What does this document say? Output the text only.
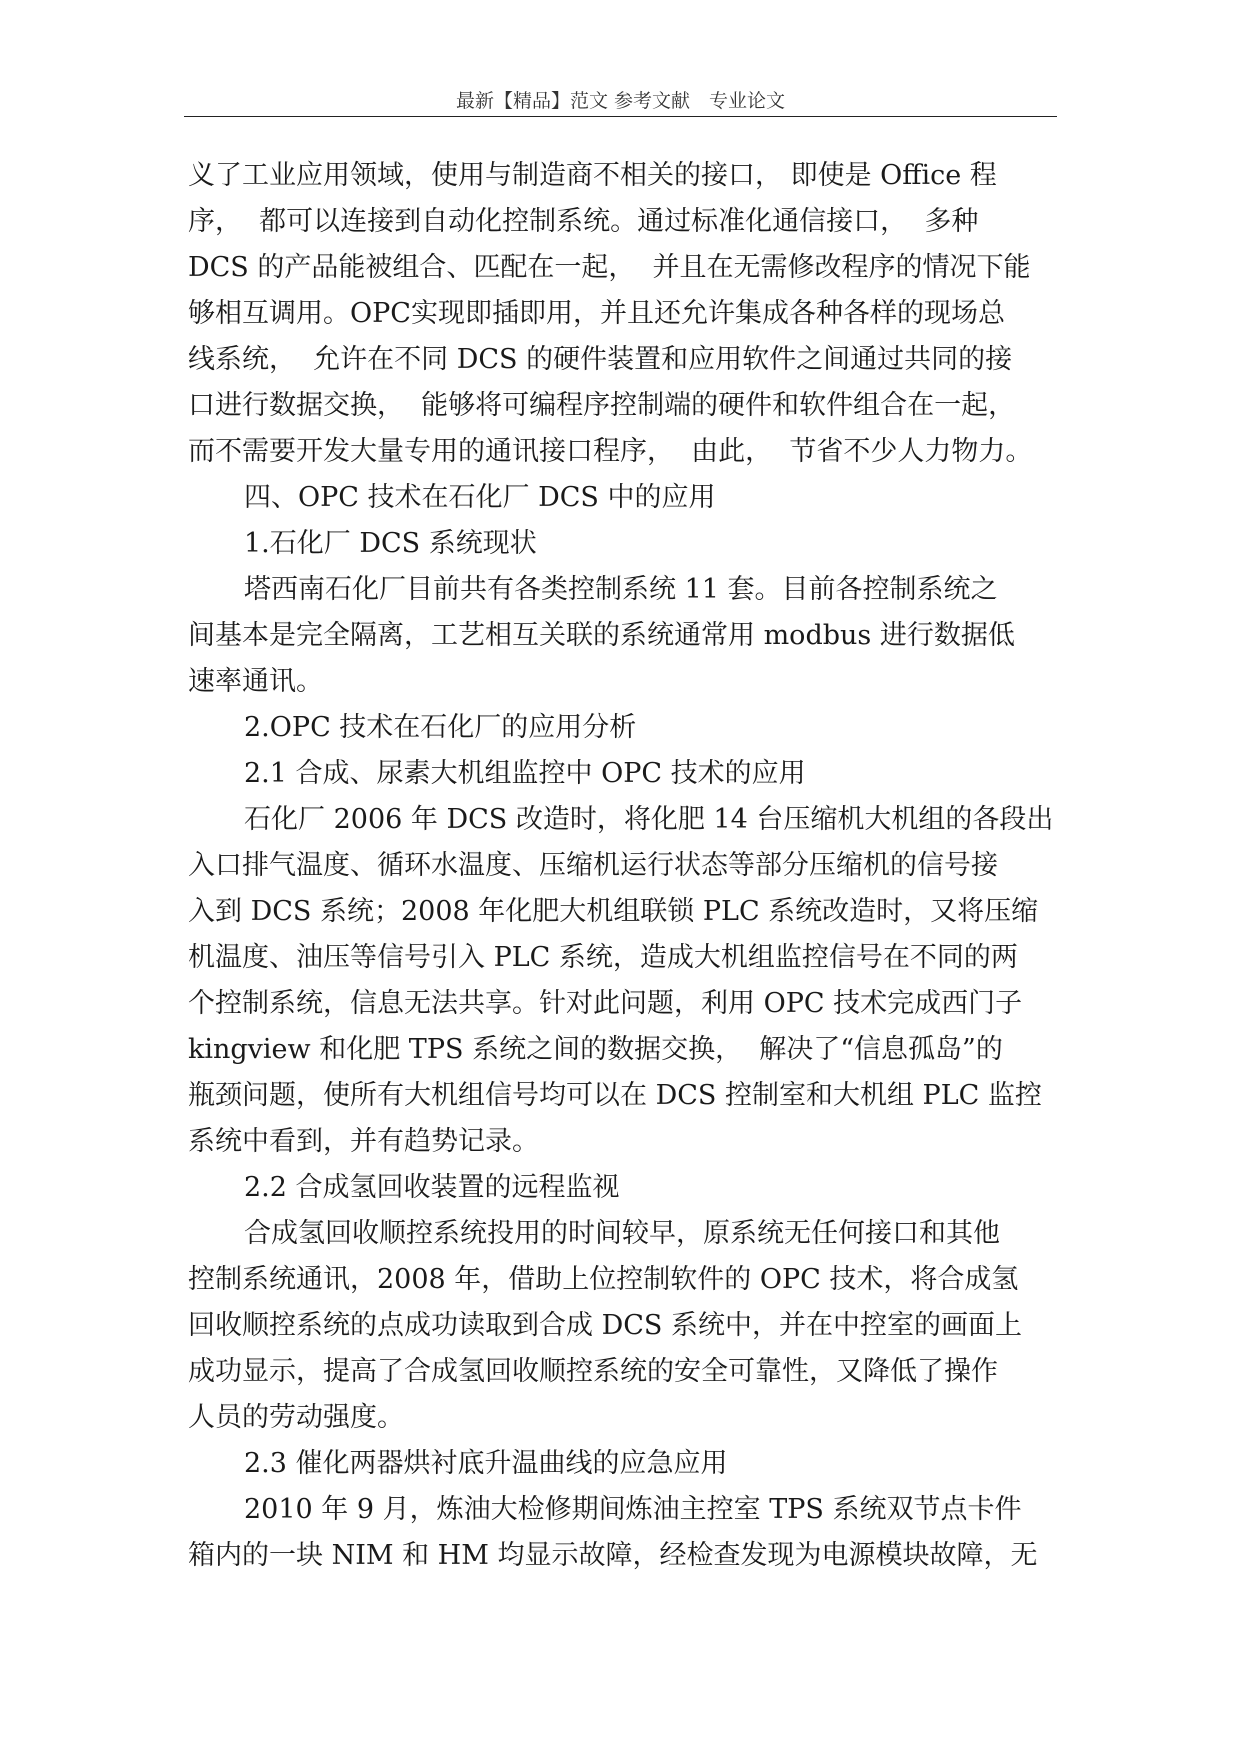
最新【精品】范文 参考文献　专业论文
义了工业应用领域，使用与制造商不相关的接口， 即使是 Office 程
序，  都可以连接到自动化控制系统。通过标准化通信接口，  多种
DCS 的产品能被组合、匹配在一起，  并且在无需修改程序的情况下能
够相互调用。OPC实现即插即用，并且还允许集成各种各样的现场总
线系统，  允许在不同 DCS 的硬件装置和应用软件之间通过共同的接
口进行数据交换，  能够将可编程序控制端的硬件和软件组合在一起，
而不需要开发大量专用的通讯接口程序，  由此，  节省不少人力物力。
四、OPC 技术在石化厂 DCS 中的应用
1.石化厂 DCS 系统现状
塔西南石化厂目前共有各类控制系统 11 套。目前各控制系统之
间基本是完全隔离，工艺相互关联的系统通常用 modbus 进行数据低
速率通讯。
2.OPC 技术在石化厂的应用分析
2.1 合成、尿素大机组监控中 OPC 技术的应用
石化厂 2006 年 DCS 改造时，将化肥 14 台压缩机大机组的各段出
入口排气温度、循环水温度、压缩机运行状态等部分压缩机的信号接
入到 DCS 系统；2008 年化肥大机组联锁 PLC 系统改造时，又将压缩
机温度、油压等信号引入 PLC 系统，造成大机组监控信号在不同的两
个控制系统，信息无法共享。针对此问题，利用 OPC 技术完成西门子
kingview 和化肥 TPS 系统之间的数据交换，  解决了“信息孤岛”的
瓶颈问题，使所有大机组信号均可以在 DCS 控制室和大机组 PLC 监控
系统中看到，并有趋势记录。
2.2 合成氢回收装置的远程监视
合成氢回收顺控系统投用的时间较早，原系统无任何接口和其他
控制系统通讯，2008 年，借助上位控制软件的 OPC 技术，将合成氢
回收顺控系统的点成功读取到合成 DCS 系统中，并在中控室的画面上
成功显示，提高了合成氢回收顺控系统的安全可靠性，又降低了操作
人员的劳动强度。
2.3 催化两器烘衬底升温曲线的应急应用
2010 年 9 月，炼油大检修期间炼油主控室 TPS 系统双节点卡件
箱内的一块 NIM 和 HM 均显示故障，经检查发现为电源模块故障，无
